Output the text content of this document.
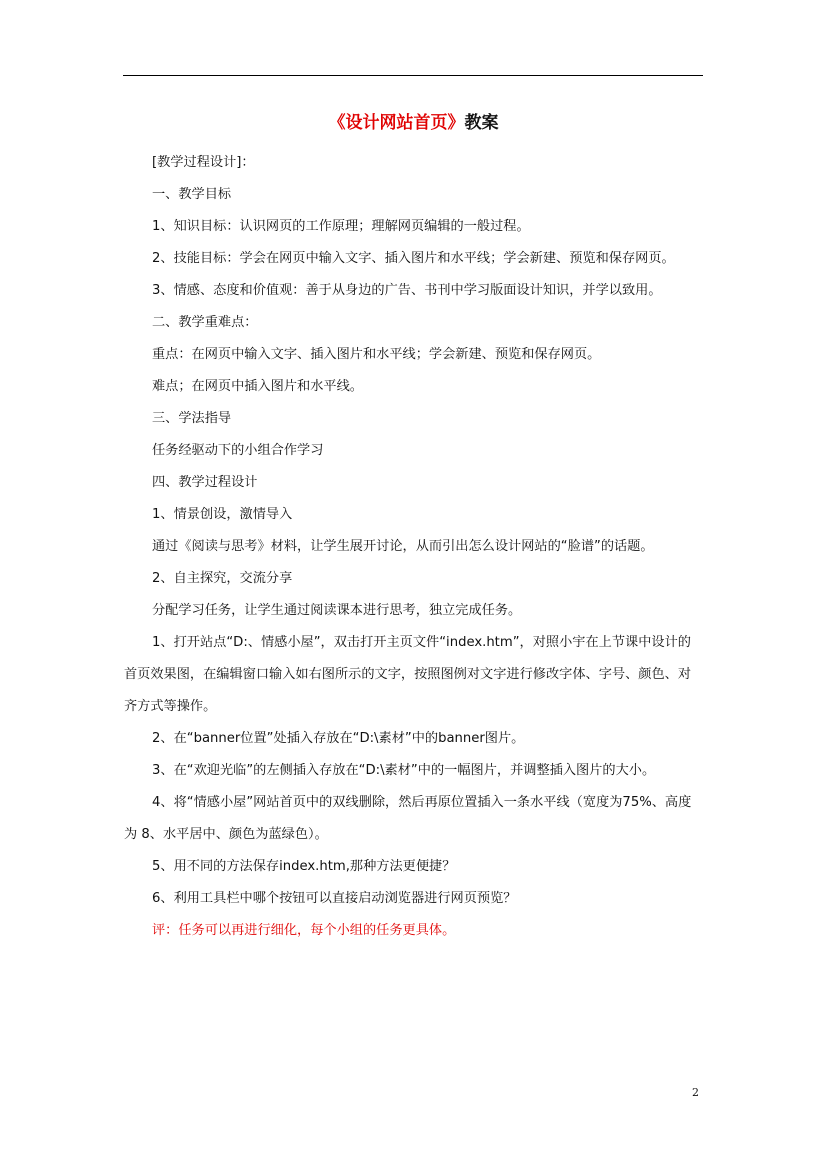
《设计网站首页》教案

[教学过程设计]：

一、教学目标

1、知识目标：认识网页的工作原理；理解网页编辑的一般过程。

2、技能目标：学会在网页中输入文字、插入图片和水平线；学会新建、预览和保存网页。

3、情感、态度和价值观：善于从身边的广告、书刊中学习版面设计知识，并学以致用。

二、教学重难点：

重点：在网页中输入文字、插入图片和水平线；学会新建、预览和保存网页。

难点；在网页中插入图片和水平线。

三、学法指导

任务经驱动下的小组合作学习

四、教学过程设计

1、情景创设，激情导入

通过《阅读与思考》材料，让学生展开讨论，从而引出怎么设计网站的“脸谱”的话题。

2、自主探究，交流分享

分配学习任务，让学生通过阅读课本进行思考，独立完成任务。

1、打开站点“D:、情感小屋”，双击打开主页文件“index.htm”，对照小宇在上节课中设计的首页效果图，在编辑窗口输入如右图所示的文字，按照图例对文字进行修改字体、字号、颜色、对齐方式等操作。

2、在“banner位置”处插入存放在“D:\素材”中的banner图片。

3、在“欢迎光临”的左侧插入存放在“D:\素材”中的一幅图片，并调整插入图片的大小。

4、将“情感小屋”网站首页中的双线删除，然后再原位置插入一条水平线（宽度为75%、高度为 8、水平居中、颜色为蓝绿色）。

5、用不同的方法保存index.htm,那种方法更便捷？

6、利用工具栏中哪个按钮可以直接启动浏览器进行网页预览？

评：任务可以再进行细化，每个小组的任务更具体。

2
